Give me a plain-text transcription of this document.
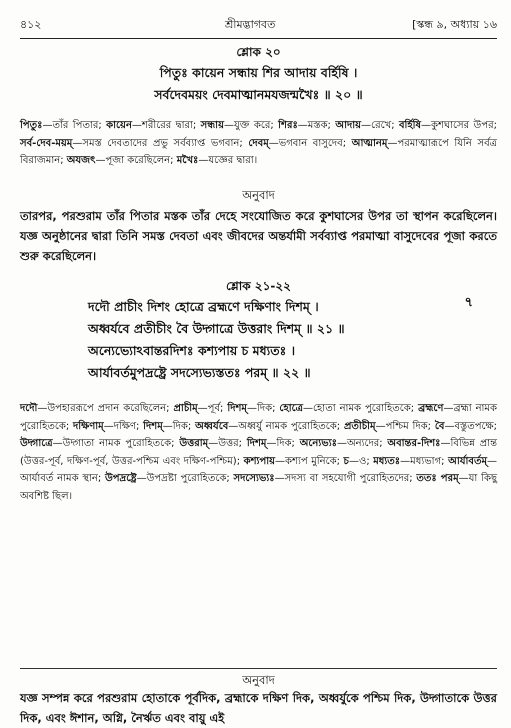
৪১২	শ্রীমদ্ভাগবত	[স্কন্ধ ৯, অধ্যায় ১৬
শ্লোক ২০
পিতুঃ কায়েন সন্ধায় শির আদায় বর্হিষি ।
সর্বদেবময়ং দেবমাত্মানমযজন্মখৈঃ ॥ ২০ ॥
পিতুঃ—তাঁর পিতার; কায়েন—শরীরের দ্বারা; সন্ধায়—যুক্ত করে; শিরঃ—মস্তক; আদায়—রেখে; বর্হিষি—কুশঘাসের উপর; সর্ব-দেব-ময়ম্—সমস্ত দেবতাদের প্রভু সর্বব্যাপ্ত ভগবান; দেবম্—ভগবান বাসুদেব; আত্মানম্—পরমাত্মারূপে যিনি সর্বত্র বিরাজমান; অযজৎ—পূজা করেছিলেন; মখৈঃ—যজ্ঞের দ্বারা।
অনুবাদ
তারপর, পরশুরাম তাঁর পিতার মস্তক তাঁর দেহে সংযোজিত করে কুশঘাসের উপর তা স্থাপন করেছিলেন। যজ্ঞ অনুষ্ঠানের দ্বারা তিনি সমস্ত দেবতা এবং জীবদের অন্তর্যামী সর্বব্যাপ্ত পরমাত্মা বাসুদেবের পূজা করতে শুরু করেছিলেন।
শ্লোক ২১-২২
৭
দদৌ প্রাচীং দিশং হোত্রে ব্রহ্মণে দক্ষিণাং দিশম্ ।
অধ্বর্যবে প্রতীচীং বৈ উদ্গাত্রে উত্তরাং দিশম্ ॥ ২১ ॥
অন্যেভ্যোঽবান্তরদিশঃ কশ্যপায় চ মধ্যতঃ ।
আর্যাবর্তমুপদ্রষ্ট্রে সদস্যেভ্যস্ততঃ পরম্ ॥ ২২ ॥
দদৌ—উপহাররূপে প্রদান করেছিলেন; প্রাচীম্—পূর্ব; দিশম্—দিক; হোত্রে—হোতা নামক পুরোহিতকে; ব্রহ্মণে—ব্রহ্মা নামক পুরোহিতকে; দক্ষিণাম্—দক্ষিণ; দিশম্—দিক; অধ্বর্যবে—অধ্বর্যু নামক পুরোহিতকে; প্রতীচীম্—পশ্চিম দিক; বৈ—বস্তুতপক্ষে; উদ্গাত্রে—উদ্গাতা নামক পুরোহিতকে; উত্তরাম্—উত্তর; দিশম্—দিক; অন্যেভ্যঃ—অন্যদের; অবান্তর-দিশঃ—বিভিন্ন প্রান্ত (উত্তর-পূর্ব, দক্ষিণ-পূর্ব, উত্তর-পশ্চিম এবং দক্ষিণ-পশ্চিম); কশ্যপায়—কশ্যপ মুনিকে; চ—ও; মধ্যতঃ—মধ্যভাগ; আর্যাবর্তম্—আর্যাবর্ত নামক স্থান; উপদ্রষ্ট্রে—উপদ্রষ্টা পুরোহিতকে; সদস্যেভ্যঃ—সদস্য বা সহযোগী পুরোহিতদের; ততঃ পরম্—যা কিছু অবশিষ্ট ছিল।
অনুবাদ
যজ্ঞ সম্পন্ন করে পরশুরাম হোতাকে পূর্বদিক, ব্রহ্মাকে দক্ষিণ দিক, অধ্বর্যুকে পশ্চিম দিক, উদ্গাতাকে উত্তর দিক, এবং ঈশান, অগ্নি, নৈর্ঋত এবং বায়ু এই
